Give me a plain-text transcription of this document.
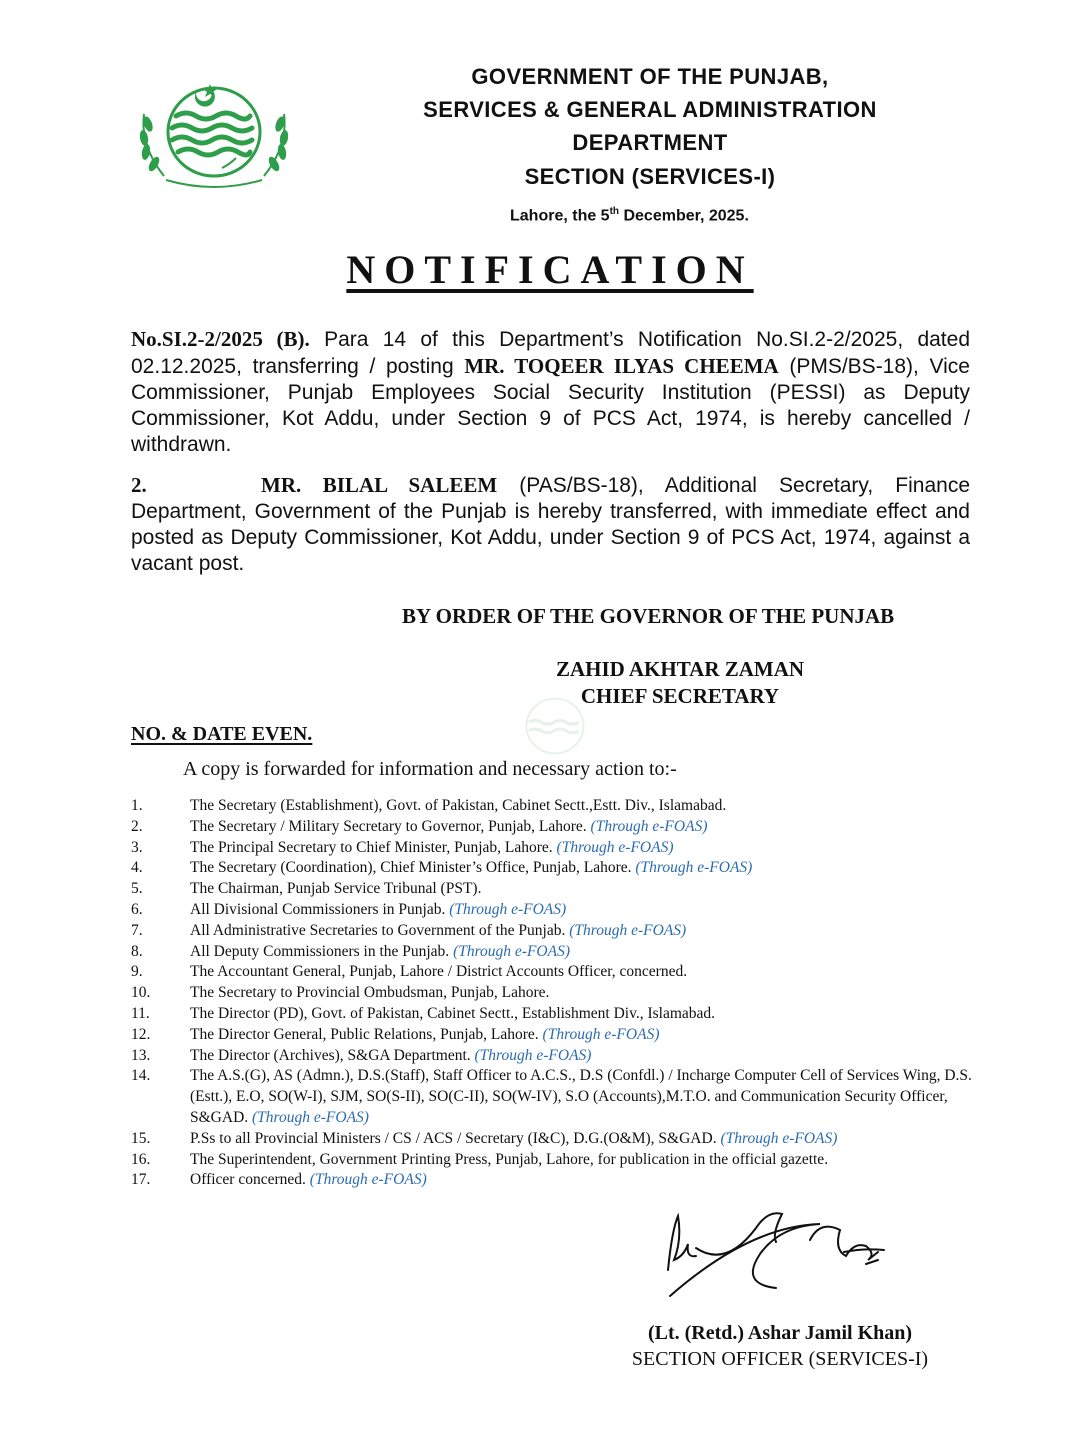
GOVERNMENT OF THE PUNJAB,
SERVICES & GENERAL ADMINISTRATION
DEPARTMENT
SECTION (SERVICES-I)
Lahore, the 5th December, 2025.
NOTIFICATION
No.SI.2-2/2025 (B). Para 14 of this Department’s Notification No.SI.2-2/2025, dated 02.12.2025, transferring / posting MR. TOQEER ILYAS CHEEMA (PMS/BS-18), Vice Commissioner, Punjab Employees Social Security Institution (PESSI) as Deputy Commissioner, Kot Addu, under Section 9 of PCS Act, 1974, is hereby cancelled / withdrawn.
2.	MR. BILAL SALEEM (PAS/BS-18), Additional Secretary, Finance Department, Government of the Punjab is hereby transferred, with immediate effect and posted as Deputy Commissioner, Kot Addu, under Section 9 of PCS Act, 1974, against a vacant post.
BY ORDER OF THE GOVERNOR OF THE PUNJAB
ZAHID AKHTAR ZAMAN
CHIEF SECRETARY
NO. & DATE EVEN.
A copy is forwarded for information and necessary action to:-
1.	The Secretary (Establishment), Govt. of Pakistan, Cabinet Sectt.,Estt. Div., Islamabad.
2.	The Secretary / Military Secretary to Governor, Punjab, Lahore. (Through e-FOAS)
3.	The Principal Secretary to Chief Minister, Punjab, Lahore. (Through e-FOAS)
4.	The Secretary (Coordination), Chief Minister’s Office, Punjab, Lahore. (Through e-FOAS)
5.	The Chairman, Punjab Service Tribunal (PST).
6.	All Divisional Commissioners in Punjab. (Through e-FOAS)
7.	All Administrative Secretaries to Government of the Punjab. (Through e-FOAS)
8.	All Deputy Commissioners in the Punjab. (Through e-FOAS)
9.	The Accountant General, Punjab, Lahore / District Accounts Officer, concerned.
10.	The Secretary to Provincial Ombudsman, Punjab, Lahore.
11.	The Director (PD), Govt. of Pakistan, Cabinet Sectt., Establishment Div., Islamabad.
12.	The Director General, Public Relations, Punjab, Lahore. (Through e-FOAS)
13.	The Director (Archives), S&GA Department. (Through e-FOAS)
14.	The A.S.(G), AS (Admn.), D.S.(Staff), Staff Officer to A.C.S., D.S (Confdl.) / Incharge Computer Cell of Services Wing, D.S.(Estt.), E.O, SO(W-I), SJM, SO(S-II), SO(C-II), SO(W-IV), S.O (Accounts),M.T.O. and Communication Security Officer, S&GAD. (Through e-FOAS)
15.	P.Ss to all Provincial Ministers / CS / ACS / Secretary (I&C), D.G.(O&M), S&GAD. (Through e-FOAS)
16.	The Superintendent, Government Printing Press, Punjab, Lahore, for publication in the official gazette.
17.	Officer concerned. (Through e-FOAS)
(Lt. (Retd.) Ashar Jamil Khan)
SECTION OFFICER (SERVICES-I)
